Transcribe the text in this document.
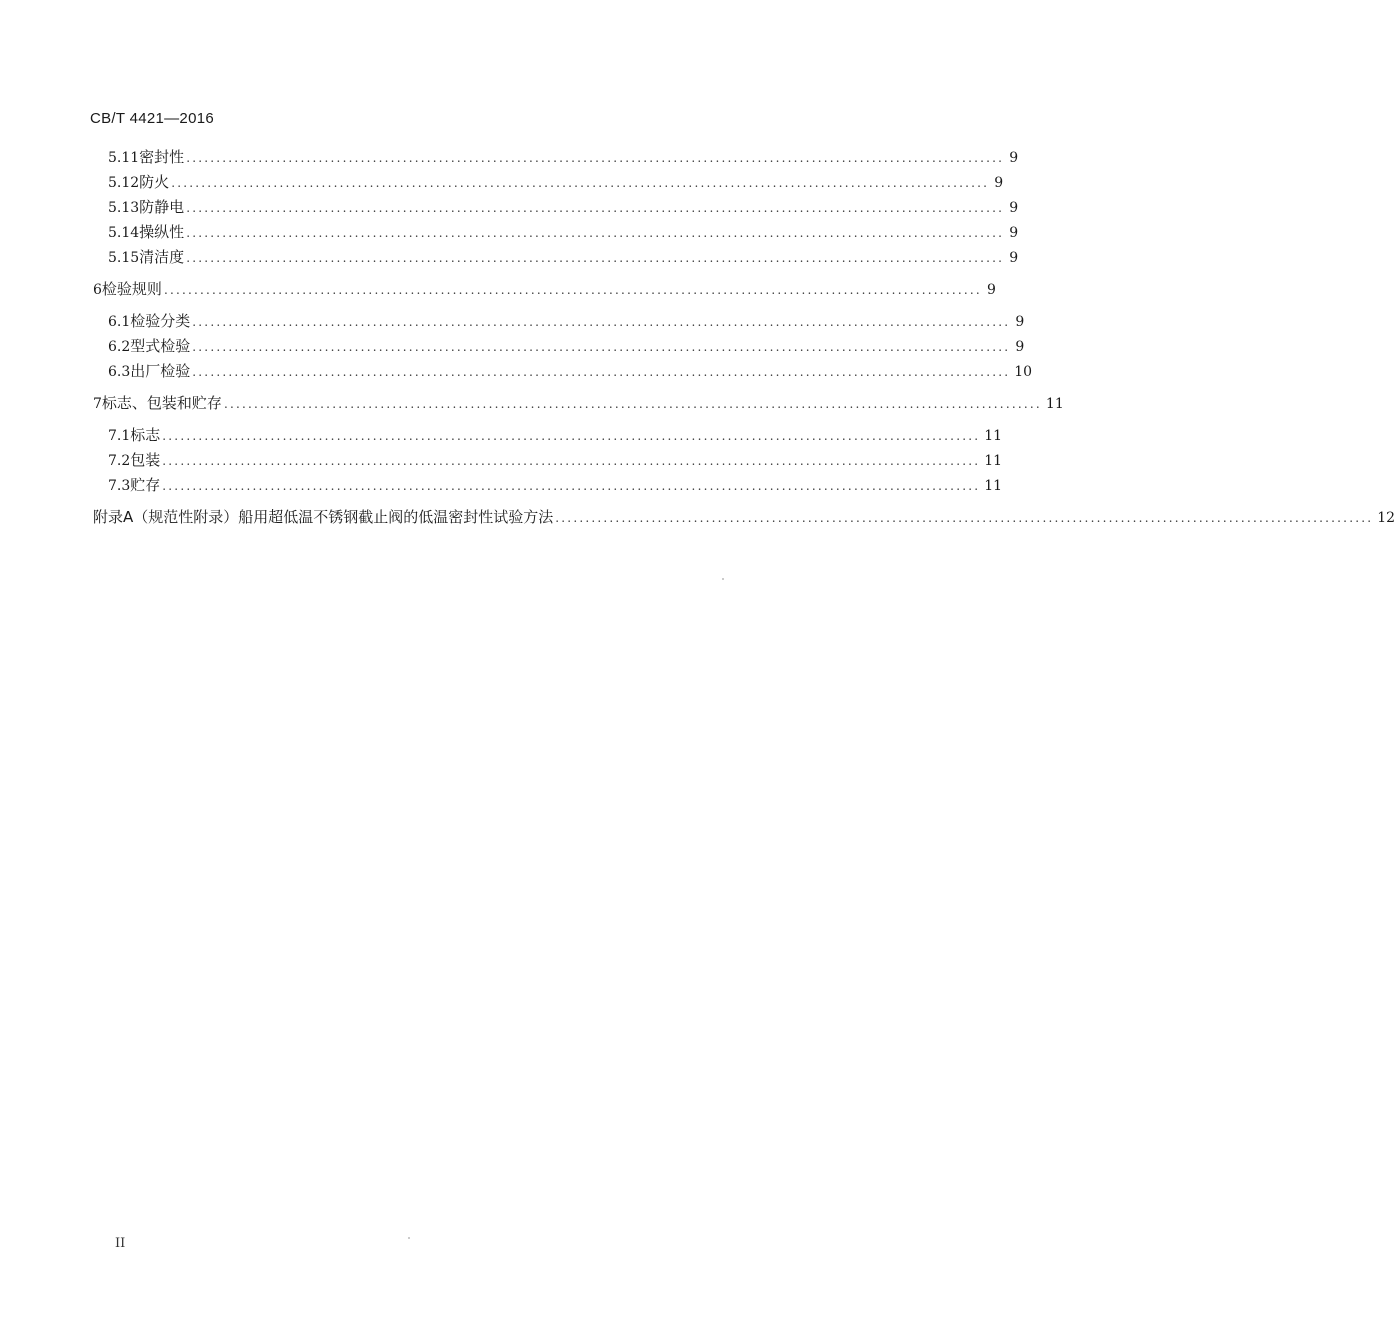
CB/T 4421—2016
5.11 密封性 ........................................................................................................................................ 9
5.12 防火 ........................................................................................................................................ 9
5.13 防静电 ........................................................................................................................................ 9
5.14 操纵性 ........................................................................................................................................ 9
5.15 清洁度 ........................................................................................................................................ 9
6 检验规则 ........................................................................................................................................ 9
6.1 检验分类 ........................................................................................................................................ 9
6.2 型式检验 ........................................................................................................................................ 9
6.3 出厂检验 ........................................................................................................................................ 10
7 标志、包装和贮存 ........................................................................................................................................ 11
7.1 标志 ........................................................................................................................................ 11
7.2 包装 ........................................................................................................................................ 11
7.3 贮存 ........................................................................................................................................ 11
附录A（规范性附录） 船用超低温不锈钢截止阀的低温密封性试验方法 ........................................................................................................................................ 12
II
